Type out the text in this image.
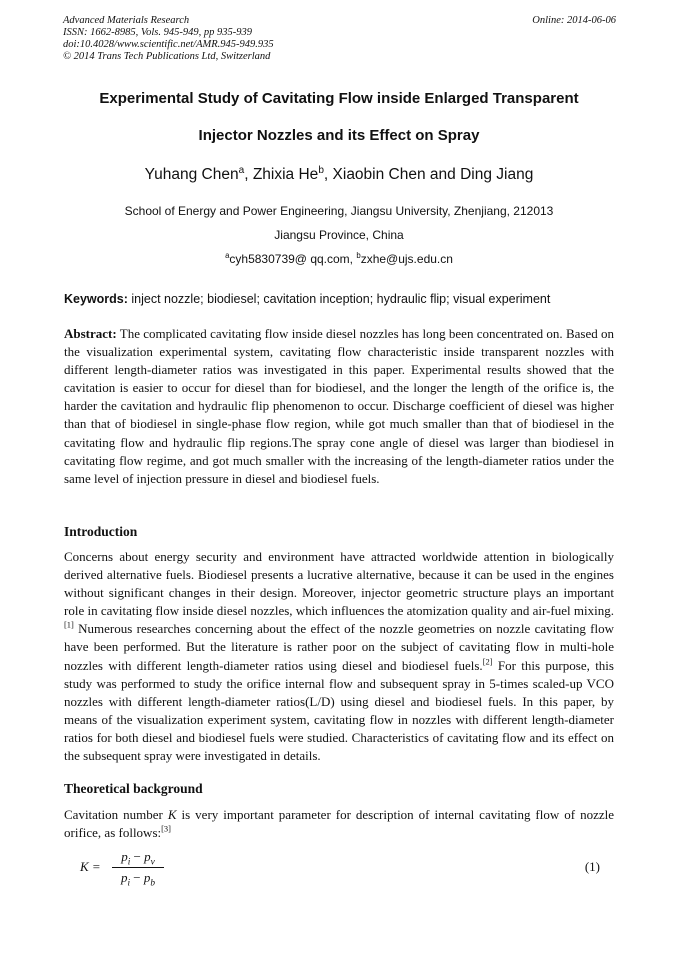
Advanced Materials Research
ISSN: 1662-8985, Vols. 945-949, pp 935-939
doi:10.4028/www.scientific.net/AMR.945-949.935
© 2014 Trans Tech Publications Ltd, Switzerland
Online: 2014-06-06
Experimental Study of Cavitating Flow inside Enlarged Transparent
Injector Nozzles and its Effect on Spray
Yuhang Chen$^a$, Zhixia He$^b$, Xiaobin Chen and Ding Jiang
School of Energy and Power Engineering, Jiangsu University, Zhenjiang, 212013
Jiangsu Province, China
$^a$cyh5830739@ qq.com, $^b$zxhe@ujs.edu.cn
Keywords: inject nozzle; biodiesel; cavitation inception; hydraulic flip; visual experiment
Abstract: The complicated cavitating flow inside diesel nozzles has long been concentrated on. Based on the visualization experimental system, cavitating flow characteristic inside transparent nozzles with different length-diameter ratios was investigated in this paper. Experimental results showed that the cavitation is easier to occur for diesel than for biodiesel, and the longer the length of the orifice is, the harder the cavitation and hydraulic flip phenomenon to occur. Discharge coefficient of diesel was higher than that of biodiesel in single-phase flow region, while got much smaller than that of biodiesel in the cavitating flow and hydraulic flip regions.The spray cone angle of diesel was larger than biodiesel in cavitating flow regime, and got much smaller with the increasing of the length-diameter ratios under the same level of injection pressure in diesel and biodiesel fuels.
Introduction
Concerns about energy security and environment have attracted worldwide attention in biologically derived alternative fuels. Biodiesel presents a lucrative alternative, because it can be used in the engines without significant changes in their design. Moreover, injector geometric structure plays an important role in cavitating flow inside diesel nozzles, which influences the atomization quality and air-fuel mixing. [1] Numerous researches concerning about the effect of the nozzle geometries on nozzle cavitating flow have been performed. But the literature is rather poor on the subject of cavitating flow in multi-hole nozzles with different length-diameter ratios using diesel and biodiesel fuels.[2] For this purpose, this study was performed to study the orifice internal flow and subsequent spray in 5-times scaled-up VCO nozzles with different length-diameter ratios(L/D) using diesel and biodiesel fuels. In this paper, by means of the visualization experiment system, cavitating flow in nozzles with different length-diameter ratios for both diesel and biodiesel fuels were studied. Characteristics of cavitating flow and its effect on the subsequent spray were investigated in details.
Theoretical background
Cavitation number K is very important parameter for description of internal cavitating flow of nozzle orifice, as follows:[3]
K =
$p_i - p_v$
$p_i - p_b$
(1)
